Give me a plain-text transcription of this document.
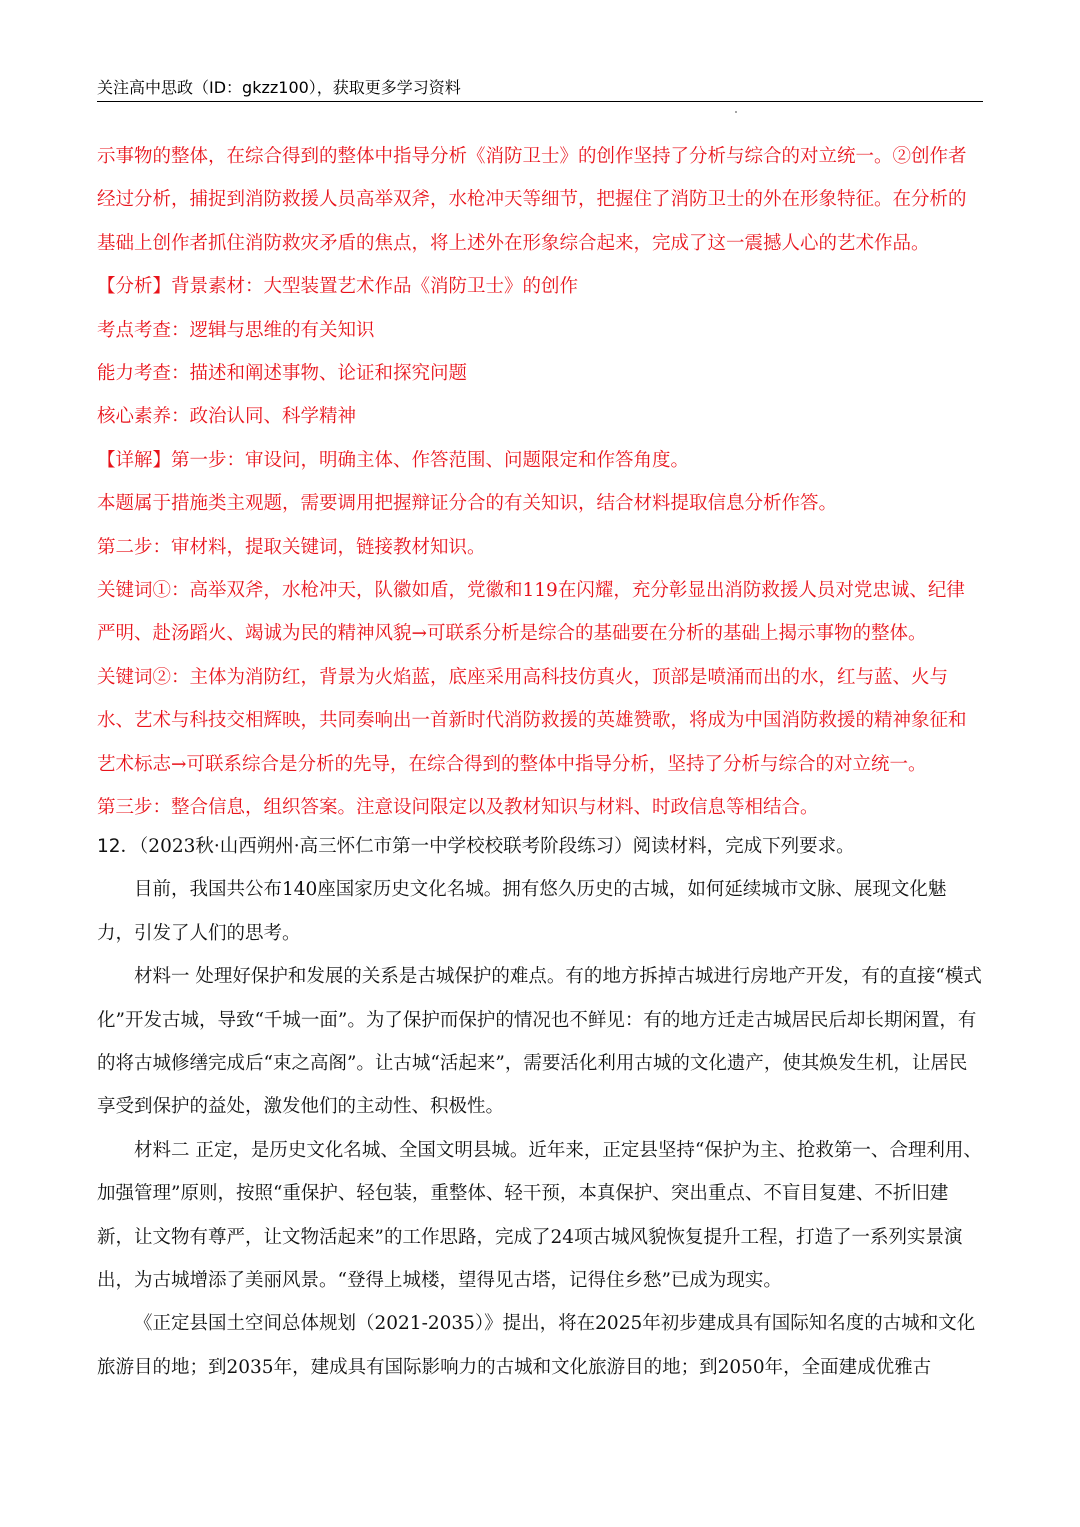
关注高中思政（ID：gkzz100），获取更多学习资料

示事物的整体，在综合得到的整体中指导分析《消防卫士》的创作坚持了分析与综合的对立统一。②创作者经过分析，捕捉到消防救援人员高举双斧，水枪冲天等细节，把握住了消防卫士的外在形象特征。在分析的基础上创作者抓住消防救灾矛盾的焦点，将上述外在形象综合起来，完成了这一震撼人心的艺术作品。

【分析】背景素材：大型装置艺术作品《消防卫士》的创作

考点考查：逻辑与思维的有关知识

能力考查：描述和阐述事物、论证和探究问题

核心素养：政治认同、科学精神

【详解】第一步：审设问，明确主体、作答范围、问题限定和作答角度。

本题属于措施类主观题，需要调用把握辩证分合的有关知识，结合材料提取信息分析作答。

第二步：审材料，提取关键词，链接教材知识。

关键词①：高举双斧，水枪冲天，队徽如盾，党徽和119在闪耀，充分彰显出消防救援人员对党忠诚、纪律严明、赴汤蹈火、竭诚为民的精神风貌→可联系分析是综合的基础要在分析的基础上揭示事物的整体。

关键词②：主体为消防红，背景为火焰蓝，底座采用高科技仿真火，顶部是喷涌而出的水，红与蓝、火与水、艺术与科技交相辉映，共同奏响出一首新时代消防救援的英雄赞歌，将成为中国消防救援的精神象征和艺术标志→可联系综合是分析的先导，在综合得到的整体中指导分析，坚持了分析与综合的对立统一。

第三步：整合信息，组织答案。注意设问限定以及教材知识与材料、时政信息等相结合。

12．（2023秋·山西朔州·高三怀仁市第一中学校校联考阶段练习）阅读材料，完成下列要求。

目前，我国共公布140座国家历史文化名城。拥有悠久历史的古城，如何延续城市文脉、展现文化魅力，引发了人们的思考。

材料一 处理好保护和发展的关系是古城保护的难点。有的地方拆掉古城进行房地产开发，有的直接“模式化”开发古城，导致“千城一面”。为了保护而保护的情况也不鲜见：有的地方迁走古城居民后却长期闲置，有的将古城修缮完成后“束之高阁”。让古城“活起来”，需要活化利用古城的文化遗产，使其焕发生机，让居民享受到保护的益处，激发他们的主动性、积极性。

材料二 正定，是历史文化名城、全国文明县城。近年来，正定县坚持“保护为主、抢救第一、合理利用、加强管理”原则，按照“重保护、轻包装，重整体、轻干预，本真保护、突出重点、不盲目复建、不折旧建新，让文物有尊严，让文物活起来”的工作思路，完成了24项古城风貌恢复提升工程，打造了一系列实景演出，为古城增添了美丽风景。“登得上城楼，望得见古塔，记得住乡愁”已成为现实。

《正定县国土空间总体规划（2021-2035）》提出，将在2025年初步建成具有国际知名度的古城和文化旅游目的地；到2035年，建成具有国际影响力的古城和文化旅游目的地；到2050年，全面建成优雅古
